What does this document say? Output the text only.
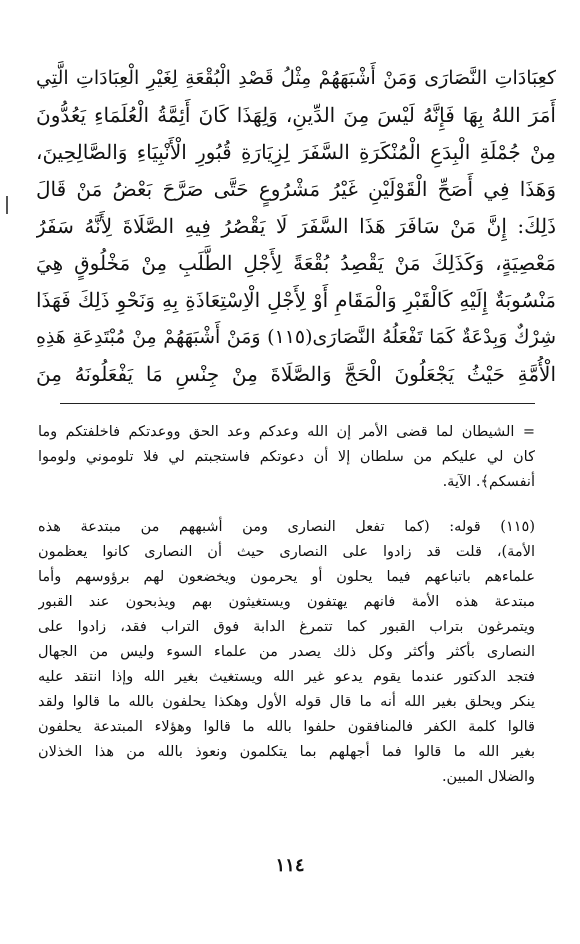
كعِبَادَاتِ النَّصَارَى وَمَنْ أَشْبَهَهُمْ مِثْلُ قَصْدِ الْبُقْعَةِ لِغَيْرِ الْعِبَادَاتِ الَّتِي
أَمَرَ اللهُ بِهَا فَإِنَّهُ لَيْسَ مِنَ الدِّينِ، وَلِهَذَا كَانَ أَئِمَّةُ الْعُلَمَاءِ يَعُدُّونَ
مِنْ جُمْلَةِ الْبِدَعِ الْمُنْكَرَةِ السَّفَرَ لِزِيَارَةِ قُبُورِ الْأَنْبِيَاءِ وَالصَّالِحِينَ،
وَهَذَا فِي أَصَحِّ الْقَوْلَيْنِ غَيْرُ مَشْرُوعٍ حَتَّى صَرَّحَ بَعْضُ مَنْ قَالَ
ذَلِكَ: إِنَّ مَنْ سَافَرَ هَذَا السَّفَرَ لَا يَقْصُرُ فِيهِ الصَّلَاةَ لِأَنَّهُ سَفَرُ
مَعْصِيَةٍ، وَكَذَلِكَ مَنْ يَقْصِدُ بُقْعَةً لِأَجْلِ الطَّلَبِ مِنْ مَخْلُوقٍ هِيَ
مَنْسُوبَةٌ إِلَيْهِ كَالْقَبْرِ وَالْمَقَامِ أَوْ لِأَجْلِ الْاِسْتِعَاذَةِ بِهِ وَنَحْوِ ذَلِكَ فَهَذَا
شِرْكٌ وَبِدْعَةٌ كَمَا تَفْعَلُهُ النَّصَارَى(١١٥) وَمَنْ أَشْبَهَهُمْ مِنْ مُبْتَدِعَةِ هَذِهِ
الْأُمَّةِ حَيْثُ يَجْعَلُونَ الْحَجَّ وَالصَّلَاةَ مِنْ جِنْسِ مَا يَفْعَلُونَهُ مِنَ
= الشيطان لما قضى الأمر إن الله وعدكم وعد الحق ووعدتكم فاخلفتكم وما
كان لي عليكم من سلطان إلا أن دعوتكم فاستجبتم لي فلا تلوموني ولوموا
أنفسكم﴾. الآية.
(١١٥) قوله: (كما تفعل النصارى ومن أشبههم من مبتدعة هذه
الأمة)، قلت قد زادوا على النصارى حيث أن النصارى كانوا يعظمون
علماءهم باتباعهم فيما يحلون أو يحرمون ويخضعون لهم برؤوسهم وأما
مبتدعة هذه الأمة فانهم يهتفون ويستغيثون بهم ويذبحون عند القبور
ويتمرغون بتراب القبور كما تتمرغ الدابة فوق التراب فقد، زادوا على
النصارى بأكثر وأكثر وكل ذلك يصدر من علماء السوء وليس من الجهال
فتجد الدكتور عندما يقوم يدعو غير الله ويستغيث بغير الله وإذا انتقد عليه
ينكر ويحلق بغير الله أنه ما قال قوله الأول وهكذا يحلفون بالله ما قالوا ولقد
قالوا كلمة الكفر فالمنافقون حلفوا بالله ما قالوا وهؤلاء المبتدعة يحلفون
بغير الله ما قالوا فما أجهلهم بما يتكلمون ونعوذ بالله من هذا الخذلان
والضلال المبين.
١١٤
